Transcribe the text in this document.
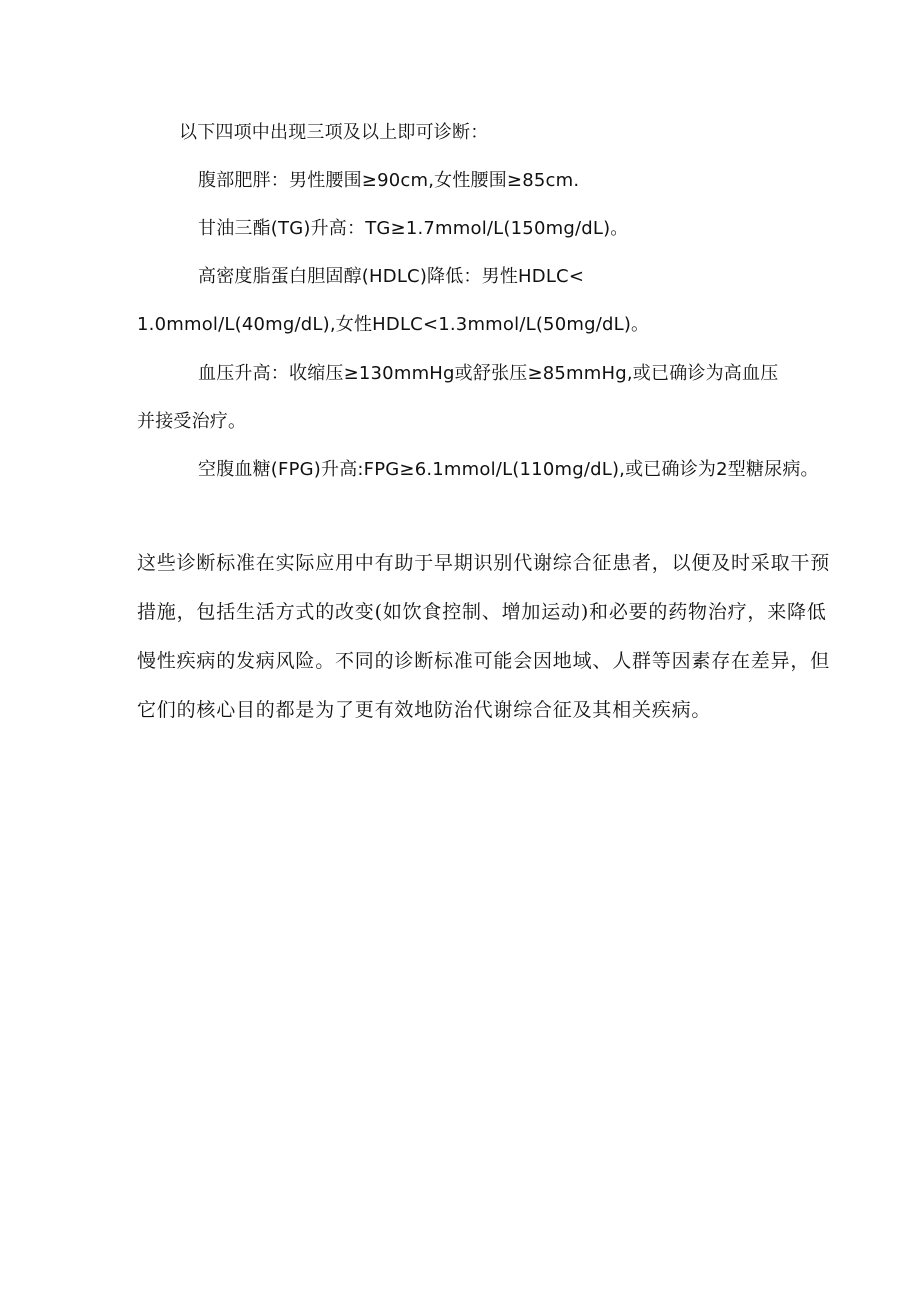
以下四项中出现三项及以上即可诊断：
腹部肥胖：男性腰围≥90cm,女性腰围≥85cm.
甘油三酯(TG)升高：TG≥1.7mmol/L(150mg/dL)。
高密度脂蛋白胆固醇(HDLC)降低：男性HDLC<
1.0mmol/L(40mg/dL),女性HDLC<1.3mmol/L(50mg/dL)。
血压升高：收缩压≥130mmHg或舒张压≥85mmHg,或已确诊为高血压
并接受治疗。
空腹血糖(FPG)升高:FPG≥6.1mmol/L(110mg/dL),或已确诊为2型糖尿病。
这些诊断标准在实际应用中有助于早期识别代谢综合征患者，以便及时采取干预
措施，包括生活方式的改变(如饮食控制、增加运动)和必要的药物治疗，来降低
慢性疾病的发病风险。不同的诊断标准可能会因地域、人群等因素存在差异，但
它们的核心目的都是为了更有效地防治代谢综合征及其相关疾病。
